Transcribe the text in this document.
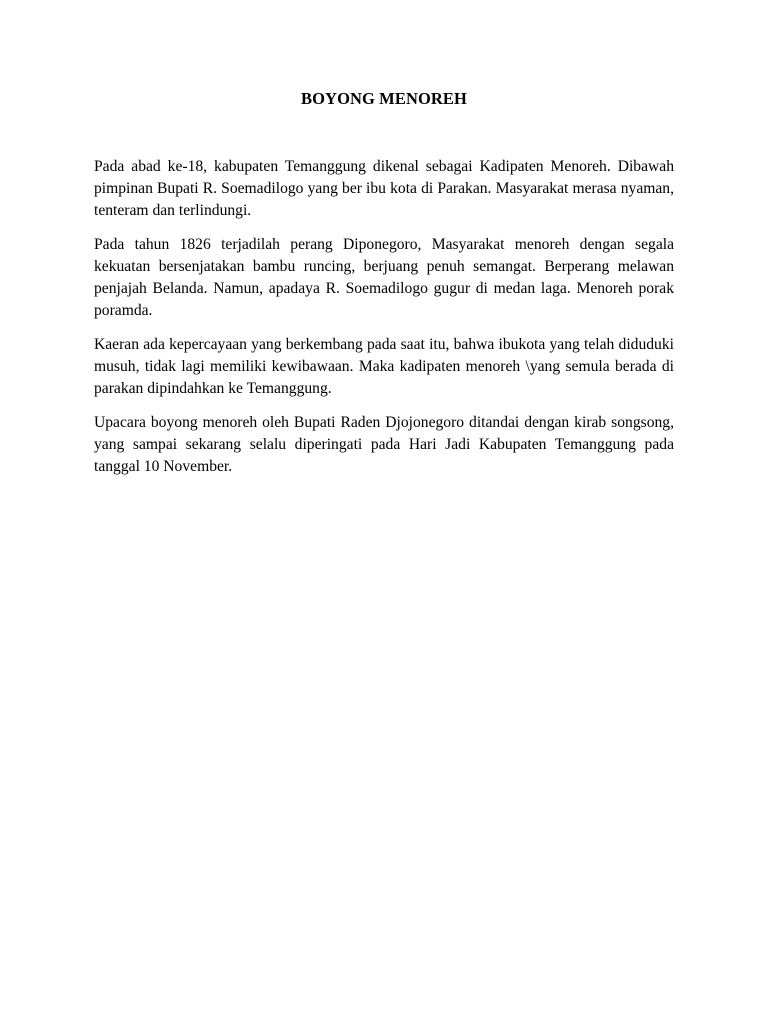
BOYONG MENOREH

Pada abad ke-18, kabupaten Temanggung dikenal sebagai Kadipaten Menoreh. Dibawah pimpinan Bupati R. Soemadilogo yang ber ibu kota di Parakan. Masyarakat merasa nyaman, tenteram dan terlindungi.

Pada tahun 1826 terjadilah perang Diponegoro, Masyarakat menoreh dengan segala kekuatan bersenjatakan bambu runcing, berjuang penuh semangat. Berperang melawan penjajah Belanda. Namun, apadaya R. Soemadilogo gugur di medan laga. Menoreh porak poramda.

Kaeran ada kepercayaan yang berkembang pada saat itu, bahwa ibukota yang telah diduduki musuh, tidak lagi memiliki kewibawaan. Maka kadipaten menoreh \yang semula berada di parakan dipindahkan ke Temanggung.

Upacara boyong menoreh oleh Bupati Raden Djojonegoro ditandai dengan kirab songsong, yang sampai sekarang selalu diperingati pada Hari Jadi Kabupaten Temanggung pada tanggal 10 November.
